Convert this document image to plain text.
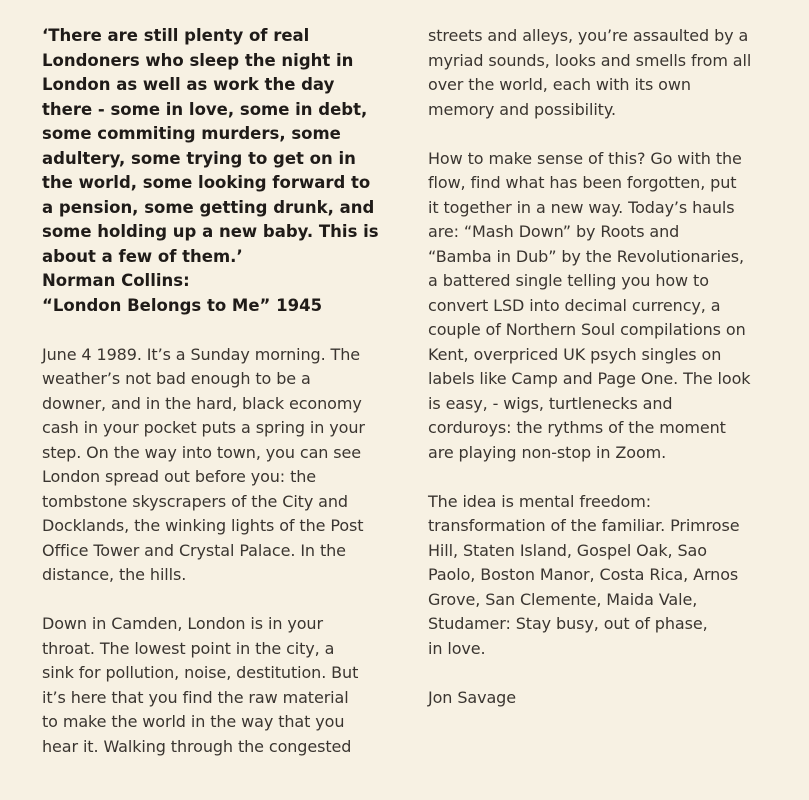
‘There are still plenty of real
Londoners who sleep the night in
London as well as work the day
there - some in love, some in debt,
some commiting murders, some
adultery, some trying to get on in
the world, some looking forward to
a pension, some getting drunk, and
some holding up a new baby. This is
about a few of them.’
Norman Collins:
“London Belongs to Me” 1945
June 4 1989. It’s a Sunday morning. The
weather’s not bad enough to be a
downer, and in the hard, black economy
cash in your pocket puts a spring in your
step. On the way into town, you can see
London spread out before you: the
tombstone skyscrapers of the City and
Docklands, the winking lights of the Post
Office Tower and Crystal Palace. In the
distance, the hills.
Down in Camden, London is in your
throat. The lowest point in the city, a
sink for pollution, noise, destitution. But
it’s here that you find the raw material
to make the world in the way that you
hear it. Walking through the congested
streets and alleys, you’re assaulted by a
myriad sounds, looks and smells from all
over the world, each with its own
memory and possibility.
How to make sense of this? Go with the
flow, find what has been forgotten, put
it together in a new way. Today’s hauls
are: “Mash Down” by Roots and
“Bamba in Dub” by the Revolutionaries,
a battered single telling you how to
convert LSD into decimal currency, a
couple of Northern Soul compilations on
Kent, overpriced UK psych singles on
labels like Camp and Page One. The look
is easy, - wigs, turtlenecks and
corduroys: the rythms of the moment
are playing non-stop in Zoom.
The idea is mental freedom:
transformation of the familiar. Primrose
Hill, Staten Island, Gospel Oak, Sao
Paolo, Boston Manor, Costa Rica, Arnos
Grove, San Clemente, Maida Vale,
Studamer: Stay busy, out of phase,
in love.
Jon Savage
